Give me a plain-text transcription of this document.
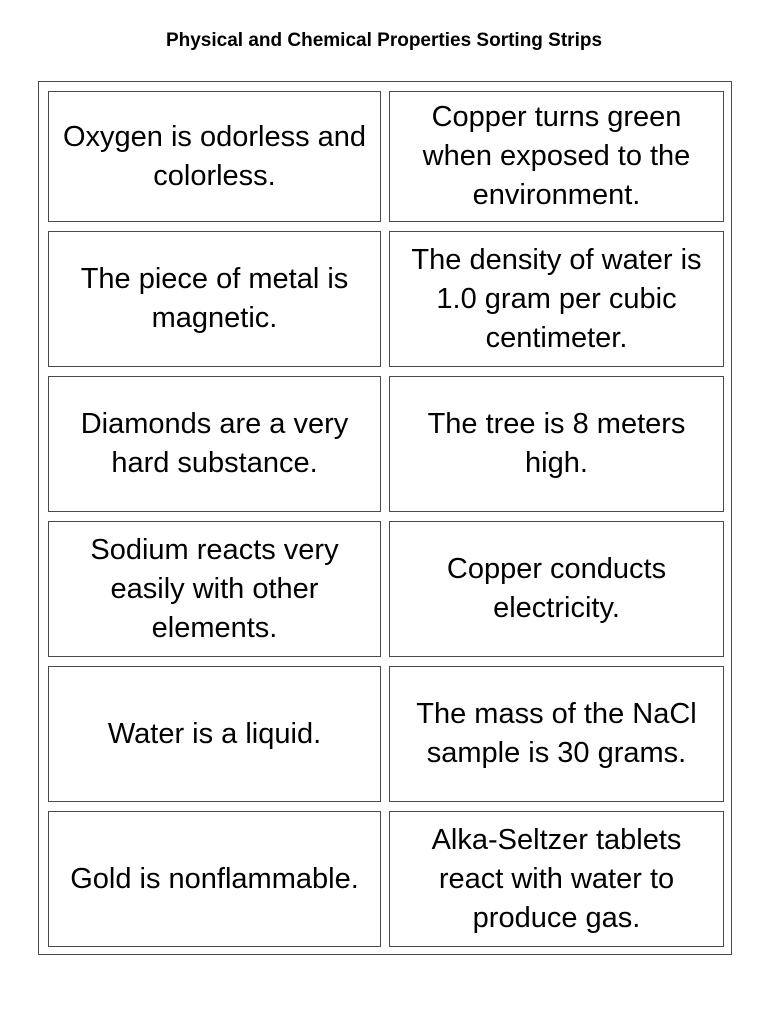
Physical and Chemical Properties Sorting Strips
Oxygen is odorless and colorless.
Copper turns green when exposed to the environment.
The piece of metal is magnetic.
The density of water is 1.0 gram per cubic centimeter.
Diamonds are a very hard substance.
The tree is 8 meters high.
Sodium reacts very easily with other elements.
Copper conducts electricity.
Water is a liquid.
The mass of the NaCl sample is 30 grams.
Gold is nonflammable.
Alka-Seltzer tablets react with water to produce gas.
